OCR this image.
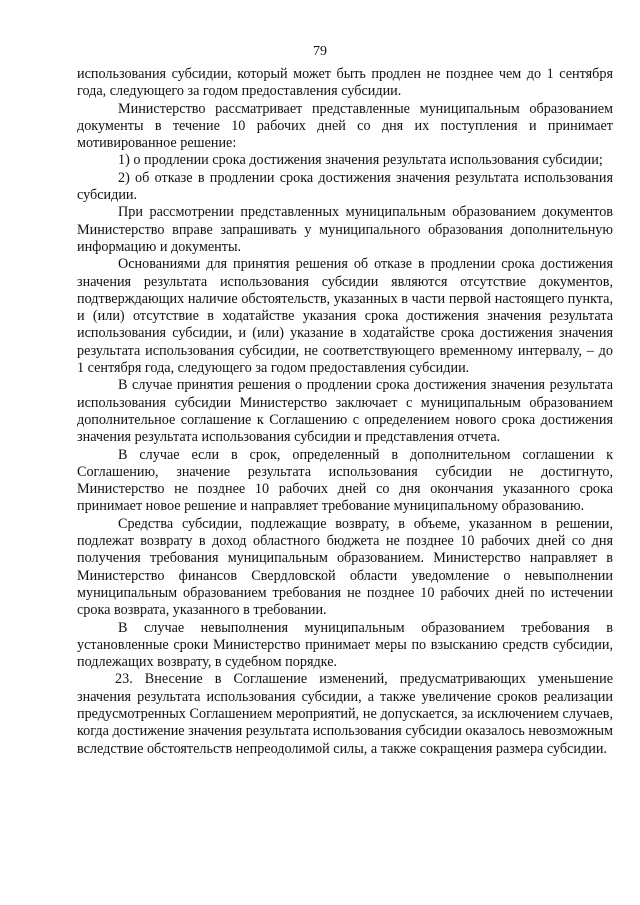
79

использования субсидии, который может быть продлен не позднее чем до 1 сентября года, следующего за годом предоставления субсидии.

Министерство рассматривает представленные муниципальным образованием документы в течение 10 рабочих дней со дня их поступления и принимает мотивированное решение:

1) о продлении срока достижения значения результата использования субсидии;

2) об отказе в продлении срока достижения значения результата использования субсидии.

При рассмотрении представленных муниципальным образованием документов Министерство вправе запрашивать у муниципального образования дополнительную информацию и документы.

Основаниями для принятия решения об отказе в продлении срока достижения значения результата использования субсидии являются отсутствие документов, подтверждающих наличие обстоятельств, указанных в части первой настоящего пункта, и (или) отсутствие в ходатайстве указания срока достижения значения результата использования субсидии, и (или) указание в ходатайстве срока достижения значения результата использования субсидии, не соответствующего временному интервалу, – до 1 сентября года, следующего за годом предоставления субсидии.

В случае принятия решения о продлении срока достижения значения результата использования субсидии Министерство заключает с муниципальным образованием дополнительное соглашение к Соглашению с определением нового срока достижения значения результата использования субсидии и представления отчета.

В случае если в срок, определенный в дополнительном соглашении к Соглашению, значение результата использования субсидии не достигнуто, Министерство не позднее 10 рабочих дней со дня окончания указанного срока принимает новое решение и направляет требование муниципальному образованию.

Средства субсидии, подлежащие возврату, в объеме, указанном в решении, подлежат возврату в доход областного бюджета не позднее 10 рабочих дней со дня получения требования муниципальным образованием. Министерство направляет в Министерство финансов Свердловской области уведомление о невыполнении муниципальным образованием требования не позднее 10 рабочих дней по истечении срока возврата, указанного в требовании.

В случае невыполнения муниципальным образованием требования в установленные сроки Министерство принимает меры по взысканию средств субсидии, подлежащих возврату, в судебном порядке.

23. Внесение в Соглашение изменений, предусматривающих уменьшение значения результата использования субсидии, а также увеличение сроков реализации предусмотренных Соглашением мероприятий, не допускается, за исключением случаев, когда достижение значения результата использования субсидии оказалось невозможным вследствие обстоятельств непреодолимой силы, а также сокращения размера субсидии.
